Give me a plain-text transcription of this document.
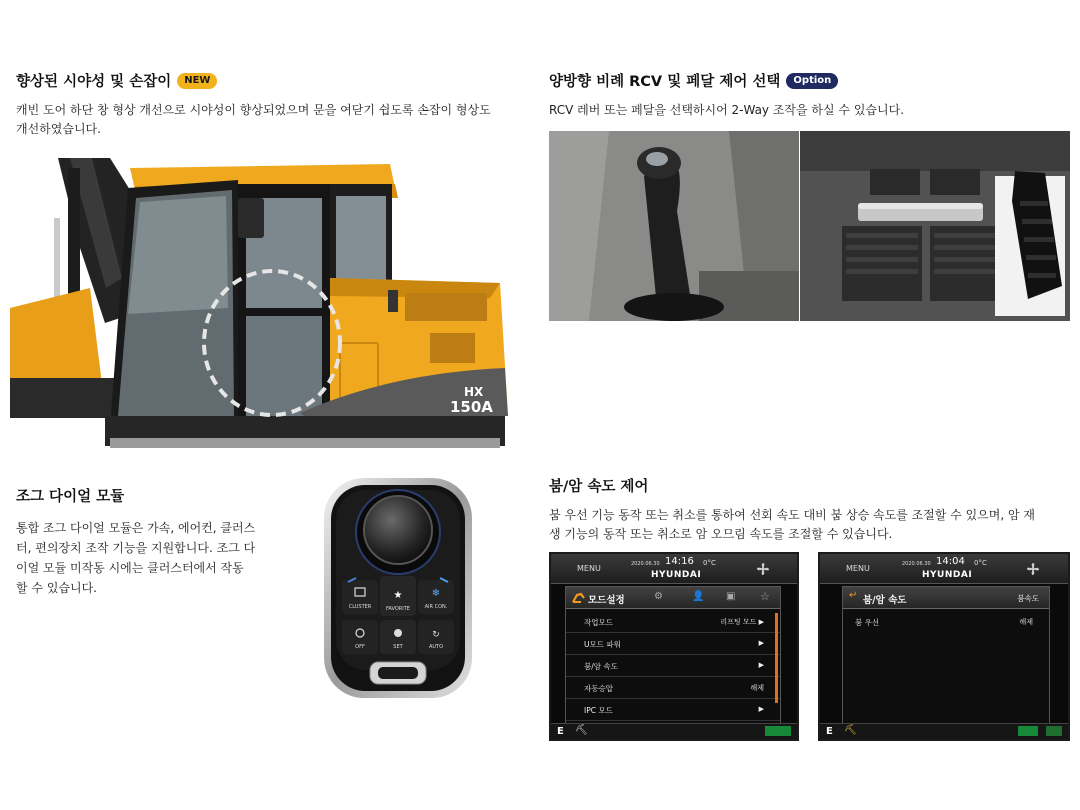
향상된 시야성 및 손잡이	NEW
캐빈 도어 하단 창 형상 개선으로 시야성이 향상되었으며 문을 여닫기 쉽도록 손잡이 형상도
개선하였습니다.
HX
150A
양방향 비례 RCV 및 페달 제어 선택	Option
RCV 레버 또는 페달을 선택하시어 2-Way 조작을 하실 수 있습니다.
조그 다이얼 모듈
통합 조그 다이얼 모듈은 가속, 에어컨, 클러스
터, 편의장치 조작 기능을 지원합니다. 조그 다
이얼 모듈 미작동 시에는 클러스터에서 작동
할 수 있습니다.
★	❄
CLUSTER	FAVORITE	AIR CON.
↻
OFF	SET	AUTO
붐/암 속도 제어
붐 우선 기능 동작 또는 취소를 통하여 선회 속도 대비 붐 상승 속도를 조절할 수 있으며, 암 재
생 기능의 동작 또는 취소로 암 오므림 속도를 조절할 수 있습니다.
MENU	2020.06.30 14:16 0°C
HYUNDAI
모드설정	⚙	👤 ▣ ☆
작업모드	리프팅 모드 ▶
U모드 파워	▶
붐/암 속도	▶
자동승압	해제
IPC 모드	▶
E ⛏
MENU	2020.06.30 14:04 0°C
HYUNDAI
↵ 붐/암 속도	붐속도
붐 우선	해제
E ⛏
